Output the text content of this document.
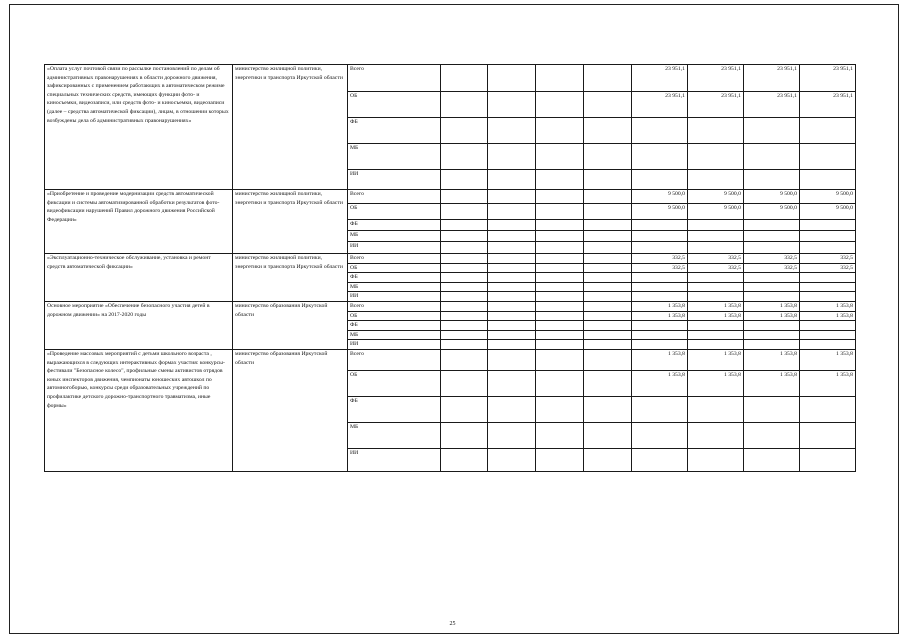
«Оплата услуг почтовой связи по рассылке постановлений по делам об административных правонарушениях в области дорожного движения, зафиксированных с применением работающих в автоматическом режиме специальных технических средств, имеющих функции фото- и киносъемки, видеозаписи, или средств фото- и киносъемки, видеозаписи (далее – средства автоматической фиксации), лицам, в отношении которых возбуждены дела об административных правонарушениях»	министерство жилищной политики, энергетики и транспорта Иркутской области	Всего					23 951,1	23 951,1	23 951,1	23 951,1
		ОБ					23 951,1	23 951,1	23 951,1	23 951,1
		ФБ								
		МБ								
		ИИ								
«Приобретение и проведение модернизации средств автоматической фиксации и системы автоматизированной обработки результатов фото-видеофиксации нарушений Правил дорожного движения Российской Федерации»	министерство жилищной политики, энергетики и транспорта Иркутской области	Всего					9 500,0	9 500,0	9 500,0	9 500,0
		ОБ					9 500,0	9 500,0	9 500,0	9 500,0
		ФБ								
		МБ								
		ИИ								
«Эксплуатационно-техническое обслуживание, установка и ремонт средств автоматической фиксации»	министерство жилищной политики, энергетики и транспорта Иркутской области	Всего					332,5	332,5	332,5	332,5
		ОБ					332,5	332,5	332,5	332,5
		ФБ								
		МБ								
		ИИ								
Основное мероприятие «Обеспечение безопасного участия детей в дорожном движении» на 2017-2020 годы	министерство образования Иркутской области	Всего					1 353,8	1 353,8	1 353,8	1 353,8
		ОБ					1 353,8	1 353,8	1 353,8	1 353,8
		ФБ								
		МБ								
		ИИ								
«Проведение массовых мероприятий с детьми школьного возраста , выражающихся в следующих интерактивных формах участия: конкурсы-фестивали "Безопасное колесо", профильные смены активистов отрядов юных инспекторов движения, чемпионаты юношеских автошкол по автомногоборью, конкурсы среди образовательных учреждений по профилактике детского дорожно-транспортного травматизма, иные формы»	министерство образования Иркутской области	Всего					1 353,8	1 353,8	1 353,8	1 353,8
		ОБ					1 353,8	1 353,8	1 353,8	1 353,8
		ФБ								
		МБ								
		ИИ								
25
